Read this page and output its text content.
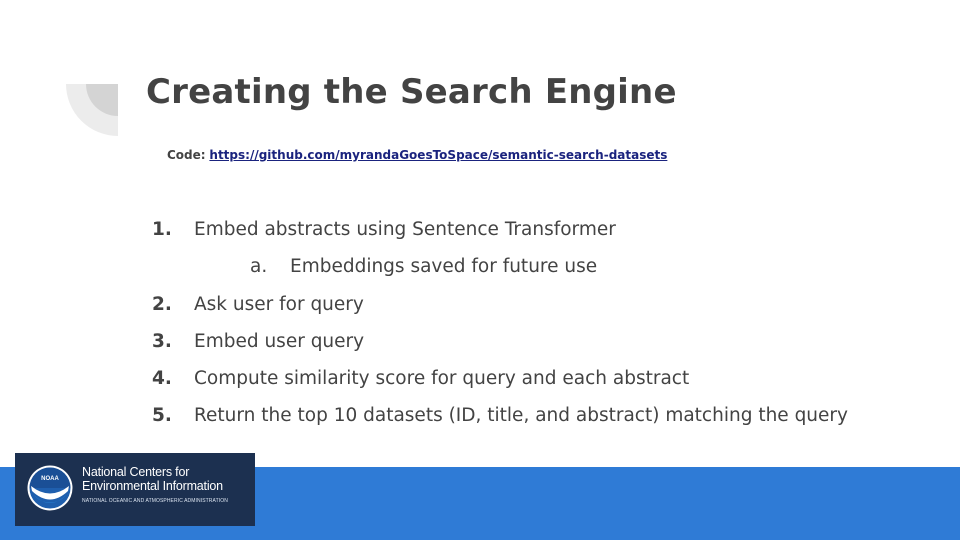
Creating the Search Engine
Code: https://github.com/myrandaGoesToSpace/semantic-search-datasets
1. Embed abstracts using Sentence Transformer
a. Embeddings saved for future use
2. Ask user for query
3. Embed user query
4. Compute similarity score for query and each abstract
5. Return the top 10 datasets (ID, title, and abstract) matching the query
NOAA National Centers for
Environmental Information
NATIONAL OCEANIC AND ATMOSPHERIC ADMINISTRATION
